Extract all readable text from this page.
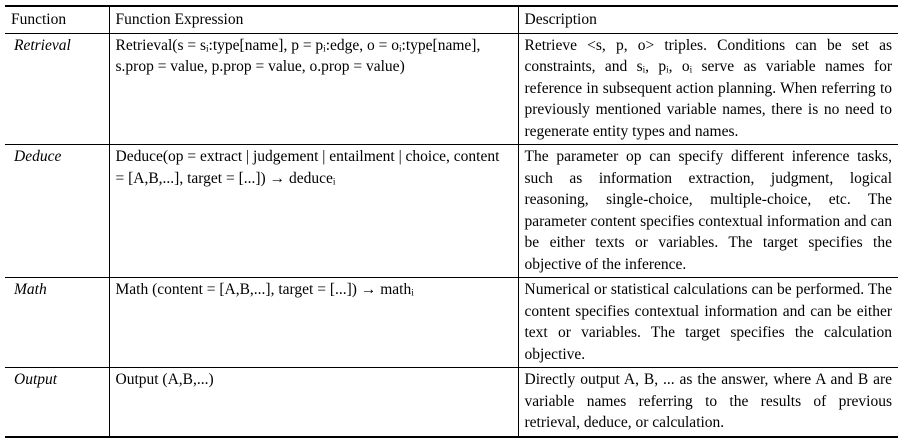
Function	Function Expression	Description
Retrieval	Retrieval(s = sᵢ:type[name], p = pᵢ:edge, o = oᵢ:type[name], s.prop = value, p.prop = value, o.prop = value)	Retrieve <s, p, o> triples. Conditions can be set as constraints, and sᵢ, pᵢ, oᵢ serve as variable names for reference in subsequent action planning. When referring to previously mentioned variable names, there is no need to regenerate entity types and names.
Deduce	Deduce(op = extract | judgement | entailment | choice, content = [A,B,...], target = [...]) → deduceᵢ	The parameter op can specify different inference tasks, such as information extraction, judgment, logical reasoning, single-choice, multiple-choice, etc. The parameter content specifies contextual information and can be either texts or variables. The target specifies the objective of the inference.
Math	Math (content = [A,B,...], target = [...]) → mathᵢ	Numerical or statistical calculations can be performed. The content specifies contextual information and can be either text or variables. The target specifies the calculation objective.
Output	Output (A,B,...)	Directly output A, B, ... as the answer, where A and B are variable names referring to the results of previous retrieval, deduce, or calculation.
